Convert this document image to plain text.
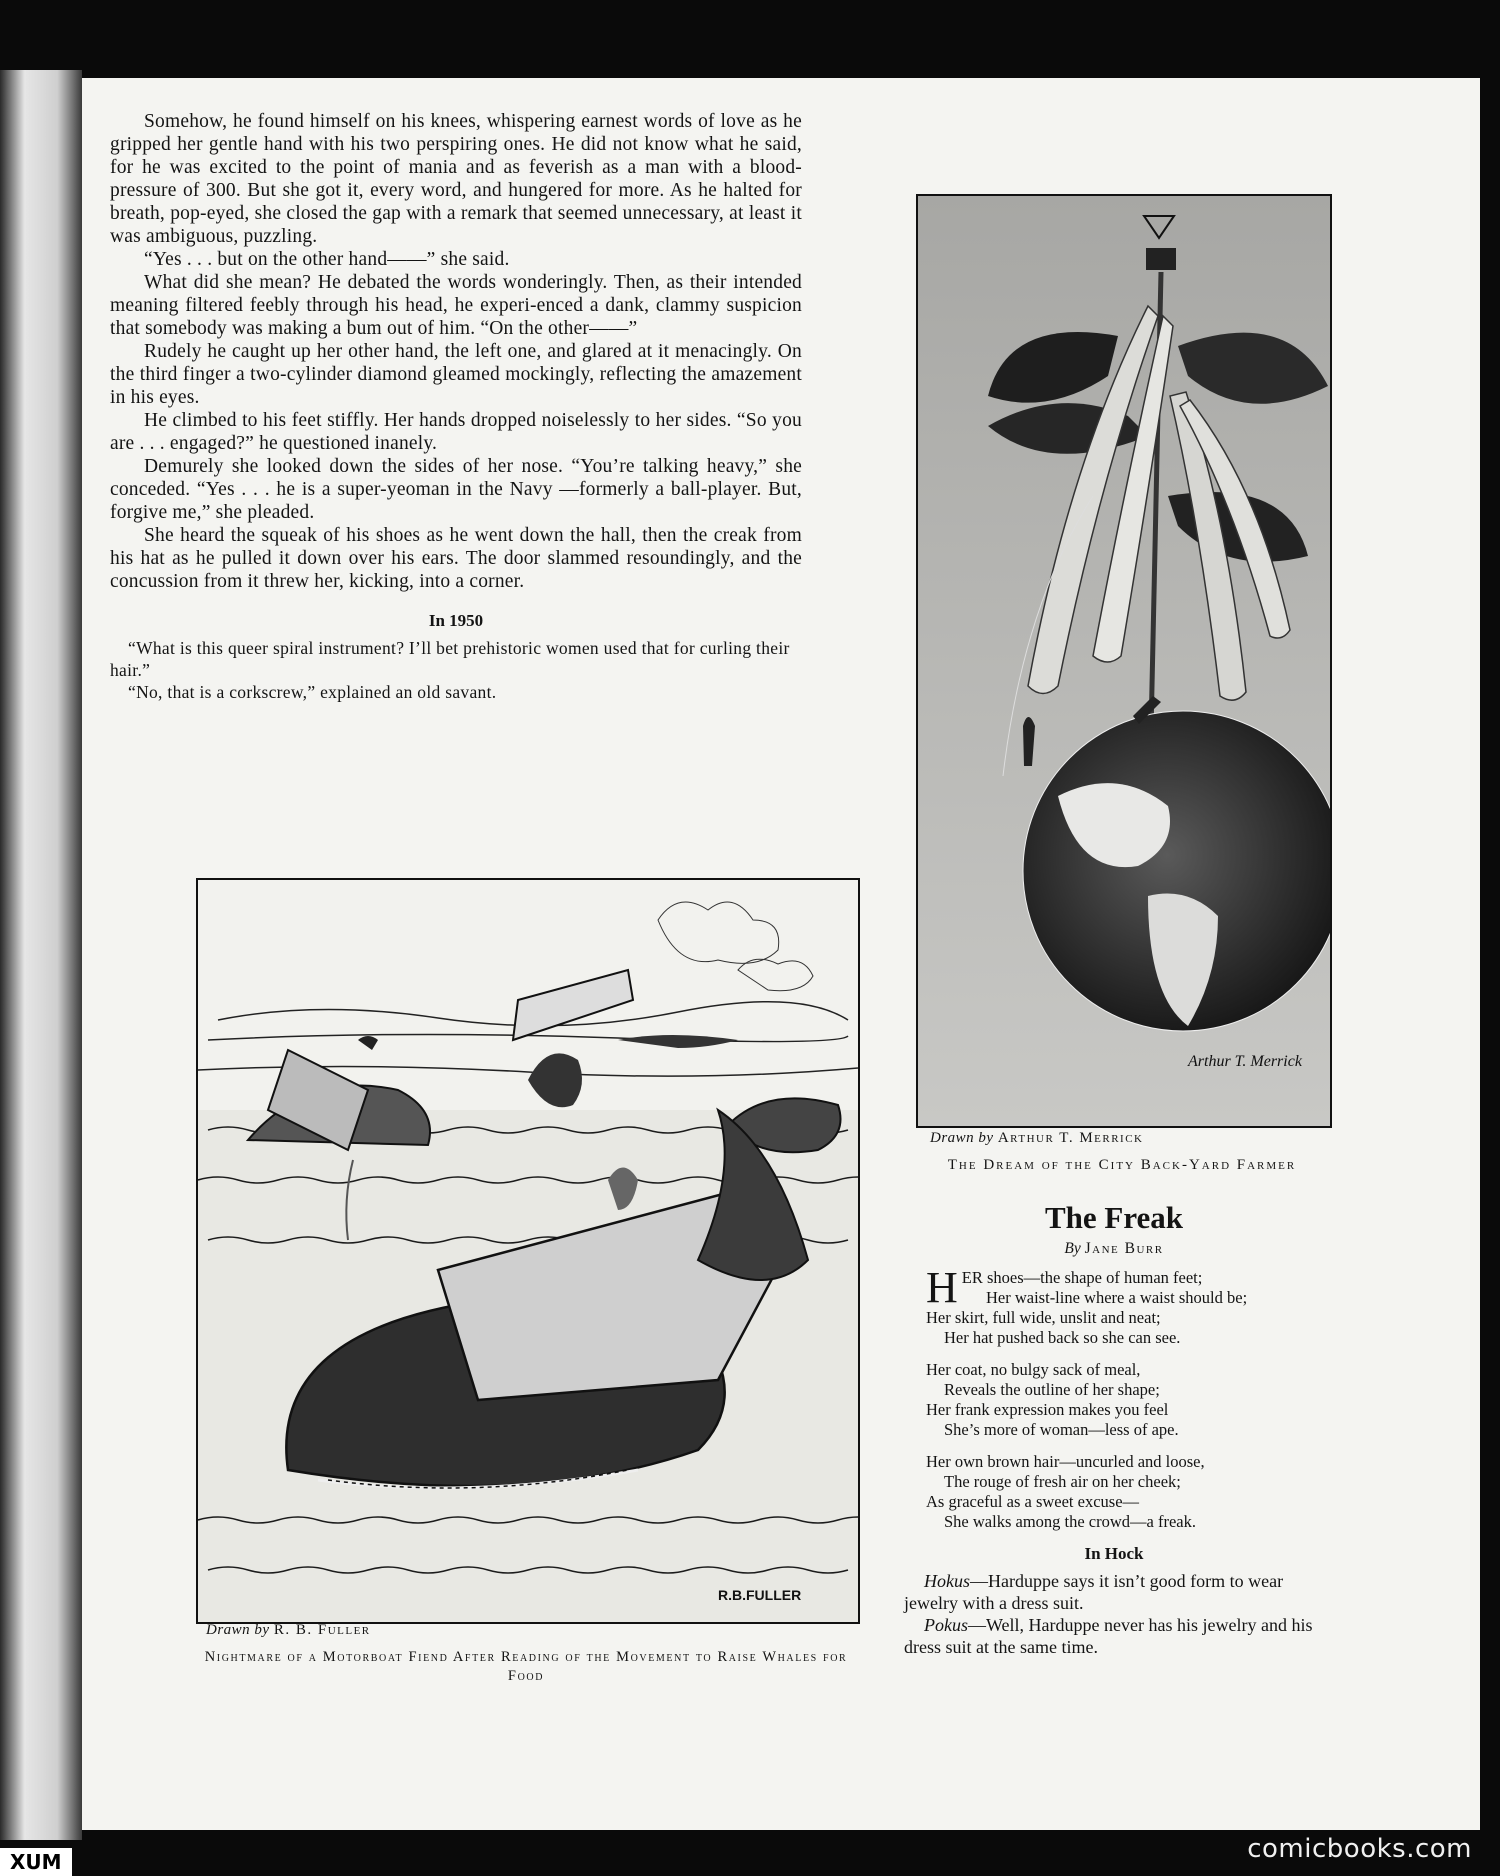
Somehow, he found himself on his knees, whispering earnest words of love as he gripped her gentle hand with his two perspiring ones. He did not know what he said, for he was excited to the point of mania and as feverish as a man with a blood-pressure of 300. But she got it, every word, and hungered for more. As he halted for breath, pop-eyed, she closed the gap with a remark that seemed unnecessary, at least it was ambiguous, puzzling.

“Yes . . . but on the other hand——” she said.

What did she mean? He debated the words wonderingly. Then, as their intended meaning filtered feebly through his head, he experi-enced a dank, clammy suspicion that somebody was making a bum out of him. “On the other——”

Rudely he caught up her other hand, the left one, and glared at it menacingly. On the third finger a two-cylinder diamond gleamed mockingly, reflecting the amazement in his eyes.

He climbed to his feet stiffly. Her hands dropped noiselessly to her sides. “So you are . . . engaged?” he questioned inanely.

Demurely she looked down the sides of her nose. “You’re talking heavy,” she conceded. “Yes . . . he is a super-yeoman in the Navy —formerly a ball-player. But, forgive me,” she pleaded.

She heard the squeak of his shoes as he went down the hall, then the creak from his hat as he pulled it down over his ears. The door slammed resoundingly, and the concussion from it threw her, kicking, into a corner.

In 1950

“What is this queer spiral instrument? I’ll bet prehistoric women used that for curling their hair.”

“No, that is a corkscrew,” explained an old savant.

R.B.FULLER
Drawn by R. B. Fuller
Nightmare of a Motorboat Fiend After Reading of the Movement to Raise Whales for Food
Arthur T. Merrick
Drawn by Arthur T. Merrick
The Dream of the City Back-Yard Farmer
The Freak
By Jane Burr
H ER shoes—the shape of human feet;
Her waist-line where a waist should be;
Her skirt, full wide, unslit and neat;
Her hat pushed back so she can see.
Her coat, no bulgy sack of meal,
Reveals the outline of her shape;
Her frank expression makes you feel
She’s more of woman—less of ape.
Her own brown hair—uncurled and loose,
The rouge of fresh air on her cheek;
As graceful as a sweet excuse—
She walks among the crowd—a freak.
In Hock

Hokus—Harduppe says it isn’t good form to wear jewelry with a dress suit.

Pokus—Well, Harduppe never has his jewelry and his dress suit at the same time.

comicbooks.com
XUM
